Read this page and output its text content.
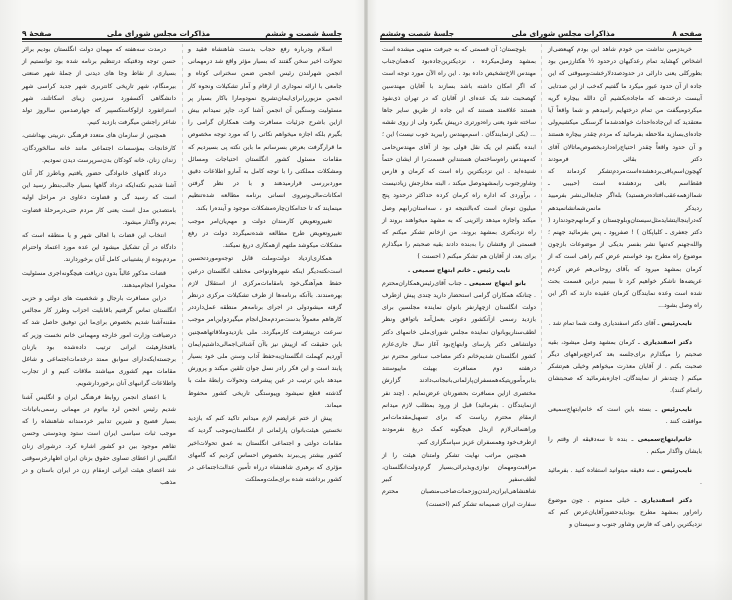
جلسهٔ شصت و ششم
مذاکرات مجلس شورای ملی
صفحهٔ ۹

اسلام ودرباره رفع حجاب بدست شاهنشاه فقید و تحولات اخیر سخن گفتند که بسیار مؤثر واقع شد درمهمانی انجمن شهرلندن رئیس انجمن ضمن سخنرانی کوتاه و جامعی با ارائه نموداری از ارقام و آمار تشکیلات ونحوه کار انجمن مزبوررابرای‌ایمان‌تشریح نمودومارا باکار بسیار پر مسئولیت وسنگین آن انجمن آشنا کرد، جاپز نمیدانم بیش ازاین باشرح جزئیات مسافرت وقت همکاران گرامی را بگیرم بلکه اجازه میخواهم نکاتی را که مورد توجه مخصوص ما قرارگرفت بعرض بسرسانم ما باین نکته پی بسیردیم که مقامات مسئول کشور انگلستان احتیاجات ومسائل ومشکلات مملکتی را با توجه کامل به آمارو اطلاعات دقیق موردبررسی قرارمیدهند و با در نظر گرفتن امکانات‌مالی‌ونیروی انسانی برنامه مطالعه شده‌تنظیم مینمایند که تا حدامکان‌چاره‌مشکلات موجود و آینده‌را بکند.

تغییروتعویض کارمندان دولت و مهم‌یان‌امر موجب تغییروتعویض طرح مطالعه شده‌نمیگردد دولت در رفع مشکلات میکوشد ملتهم ازهمکاری دریغ نمیکند.

همکاری‌ازدیاد دولت‌وملت قابل توجه‌وموردتحسین است‌نکته‌دیگر اینکه شهرها‌ونواحی مختلف انگلستان درعین حفظ هم‌آهنگی‌خود بامقامات‌مرکزی از استقلال لازم بهره‌مندند. باآنکه برنامه‌ها از طرف تشکیلات مرکزی درنظر گرفته میشودولی در اجرای برنامه‌هر منطقه عمل‌دارددر کارهاهم معمولاً بدست‌مردم‌محل‌انجام میگیرد‌واین‌امر موجب سرعت درپیشرفت کارمیگردد. ملی بازدیدوملاقاتهاهمچنین باین حقیقت که ازپیش نیز باآن آشنائی‌اجمالی‌داشتیم‌ایمان آوردیم کهملت انگلستان‌به‌حفظ آداب وسنن ملی خود بسیار پابند است و این فکر رادر نسل جوان تلقین میکند و پرورش میدهد باین ترتیب در عین پیشرفت وتحولات رابطهٔ ملت با گذشته قطع نمیشود وپیوستگی تاریخی کشور محفوظ میماند.

پیش از ختم عرایضم لازم میدانم تاکید کنم که بازدید نخستین هیئت‌بانوان پارلمانی از انگلستان‌موجب گردید که مقامات دولتی و اجتماعی انگلستان به عمق تحولات‌اخیر کشور بیشتر پی‌ببرند بخصوص احساس کردیم که گامهای مؤثری که برهبری شاهنشاه درراه تأمین عدالت‌اجتماعی در کشور برداشته شده برای‌ملت‌ومملکت

درمدت سه‌هفته که مهمان دولت انگلستان بودیم برائر حسن توجه ودقتیکه درتنظیم برنامه شده بود توانستیم از بسیاری از نقاط وجا های دیدنی از جملهٔ شهر صنعتی بیرمنگام، شهر تاریخی کانتربری شهر جدید کراسی شهر دانشگاهی آکسفورد سرزمین زیبای اسکاتلند، شهر استراتفورد ازلوکاستکسپیر که جهارصدمین سالروز تولد شاعر راجشن میگرفت بازدید کنیم.

همچنین از سازمان های متعدد فرهنگی ،تربیتی بهداشتی، کارخانجات بمؤسسات اجتماعی مانند خانه سالخوردگان، زندان زنان، خانه کودکان بدن‌سرپرست دیدن نمودیم.

درداد گاههای خانوادگی حضور یافتیم وباطرز کار آنان آشنا شدیم نکته‌ایکه درداد گاهها بسیار جالب‌بنظر رسید این است که رسید گی و قضاوت دعاوی در مراحل اولیه بامتصدین مدل است یعنی کار مردم حتی‌درمرحلهٔ قضاوت بمردم واگذار میشود.

انتخاب این قضات با اهالی شهر و یا منطقه است که دادگاه در آن تشکیل میشود این عده مورد اعتماد واحترام مردم‌بوده از پشتیبانی کامل آنان برخوردارند.

قضات مذکور غالباً بدون دریافت هیچگونه‌اجری مسئولیت محوله‌را انجام‌میدهند.

دراین مسافرت بارجال و شخصیت های دولتی و حزبی انگلستان تماس گرفتیم باقابلیت احزاب وطرز کار مجالس مقننه‌آشنا شدیم بخصوص برای‌ما این توفیق حاصل شد که درضیافت وزارت امور خارجه ومهمانی خانم نخست وزیر که بافتخارهیئت ایرانی ترتیب داده‌شده بود بازنان برجسته‌ایکه‌دارای سوابق ممتد درخدمات‌اجتماعی و شاغل مقامات مهم کشوری میباشند ملاقات کنیم و از تجارب واطلاعات گرانبهای آنان برخوردارشویم.

با اعضای انجمن روابط فرهنگی ایران و انگلیس آشنا شدیم رئیس انجمن لرد بیاتوم در مهمانی رسمی‌بانیانات بسیار فصیح و شیرین تدابیر خردمندانه شاهنشاه را که موجب ثبات سیاسی ایران است ستود وبدوستی وحسن تفاهم موجود بین دو کشور اشاره کرد. درشورای زنان انگلیس از اعطای تساوی حقوق بزنان ایران اظهارخرسوقتی شد اعضای هیئت ایرانی ازمقام زن در ایران باستان و در مذهب

صفحه ۸
مذاکرات مجلس شورای ملی
جلسهٔ شصت وششم

خریدزمین نداشت من خودم شاهد این بودم کهبعضی‌از اشخاص کهشاید تمام رعدکیهان درحدود ½ هکتارزمین بود بطورکلی یعنی دارائی در حدودصد‌دلار‌خشت‌ومیوقتی که این جاده از آن حدود عبور میکرد ما گفتیم که‌خب از این صدتایی آبیست درخت‌هه که ماجاده‌بکشیم آن دالله بیچاره گریه میکرد‌ومیگفت من تمام درختهایم رامیدهم و شما واقعاً آیا معتقدید که این‌جاده‌احداث خواهدشدما گرسنگی میکشیم‌ولی جاده‌ای‌بسازید ملاحظه بفرمائید که مردم چقدر بیچاره هستند و آن حدود واقعاً چقدر احتیاج‌راه‌دارد‌بخصوص‌ماتالان آقای دکتر بقائی فرمودند کهچون‌اسم‌باقی‌بردهشده‌است‌مردم‌تشکر کردماند که فقط‌اسم باقی بردهشده است (حبیبی ـ شمااز‌همه‌عقب‌افتاده‌تر‌هستید) بله‌اگر جنابعالی‌نشر بفرمیید ردیدکر مانمن‌شما‌نشانمیدهم که‌دراینجا‌ایتشاید‌مثل‌سیستان‌و‌بلوچستان و کرمانهم‌جودندارد ( دکتر جعفری ـ کلیاپکان ) ! صفرپود ـ پس بفرمائید جهنم ؛ والله‌جهنم که‌تنها نشر بفسر بدیکی از موضوعات بازچون موضوع راه مطرح بود خواستم عرض کنم راهی است که از کرمان بمشهد میرود که بآقای روحانی‌هم عرض کردم عریضه‌ها ناشکر خواهیم کرد تا ببینیم دراین قسمت بحث شده است وعده نمایندگان کرمان عقیده دارند که اگر این راه وصل بشود...

نایب‌رئیس ـ آقای دکتر اسفندیاری وقت شما تمام شد .

دکتر اسفندیاری ـ کرمان بمشهد وصل میشود، بقیه صحبتم را میگذارم برای‌جلسه بعد که‌راجع‌براههای دیگر صحبت بکنم . از آقایان معذرت میخواهم وخیلی هم‌تشکر میکنم ( چندنفر از نمایندگان‌ـ اجازه‌بفرمائید که صحبتشان راتمام کنند).

نایب‌رئیس ـ بسته باین است که خانم‌ابتهاج‌سمیعی موافقت کنند .

خانم‌ابتهاج‌سمیعی ـ بنده تا سه‌دقیقه از وقتم را بایشان واگذار میکنم .

نایب‌رئیس ـ سه دقیقه میتوانید استفاده کنید . بفرمائید .

دکتر اسفندیاری ـ خیلی ممنونم . چون موضوع راه‌راور بمشهد مطرح بودبایدحضورآقایان‌عرض کنم که نزدیکترین راهی که فارس وشاور جنوب و سیستان و

بلوچستان؛ آن قسمتی که به جیرفت منتهی میشده است بمشهد وصل‌میکرده ، نزدیکترین‌جاده‌بود که‌همان‌جناب مهندس الاخ‌تشخیص داده بود . این راه الآن مورد توجه است که اگر امکان داشته باشد بسازند با آقایان مهندسین کهصحبت شد یک عده‌ای از آقایان که در تهران ذی‌نفوذ هستند علاقمند هستند که این جاده از طریق سایر جاها ساخته شود یعنی راه‌دورتری درپیش بگیرد ولی از روی نقشه ... (یکی ازنمایندگان . اسم‌مهندس رابیرید خوب نیست) این ؛ ابنده بگفتم این یک نقل قولی بود از آقای مهندس‌حامی که‌مهندس راه‌وساختمان هستند‌این قسمت‌را از ایشان حتماً شنیده‌اید . این نزدیکترین راه است که کرمان و فارس وشاورجنوب رابمشهد‌وصل میکند ، البته مخارجش زیادنیست ، برآوردی که اداره راه کرمان کرده حداکثر درحدود پنج میلیون تومان است که‌بالنتیجه دو ، سه‌استان‌رابهم وصل میکند واجازه میدهد زائرینی که به مشهد میخواهند بروند از راه نزدیکتری بمشهد بروند، من ازخانم تشکر میکنم که قسمتی از وقتشان را به‌بنده دادند بقیه صحبتم را میگذارم برای بعد، از آقایان هم تشکر میکنم ( احسنت )

نایب رئیس ـ خانم ابتهاج سمیعی .

بانو ابتهاج سمیعی ـ جناب آقای‌رئیس‌همکاران‌محترم . چنانکه همکاران گرامی استحضار دارید چندی پیش ازطرف دولت انگلستان ازچهارنفر بانوان نماینده مجلسین برای بازدید رسمی ازآنکشور دعوتی بعمل‌آمد باتوافق ونظر لطف‌سناریوبانوان نماینده مجلس شورای‌ملی خانمهای دکتر دولتشاهی دکتر پارسای وابتهاج‌بود آغاز سال جاری‌عازم کشور انگلستان شدیم‌خانم دکتر مصاحب سناتور محترم نیز درهفته دوم مسافرت بهیئت ماپیوستند بنابرمأموریتیکه‌همسفران‌پارلمانی‌بانبجانب‌دادند گزارش مختصری ازاین مسافرت بحضورتان عرض‌نمایم . (چند نفر ازنمایندگان . بفرمائید) قبل از ورود بمطلب لازم میدانم ازمقام محترم ریاست که برای تسهیل‌مقدمات‌امر وراهنمائی‌لازم ازبذل هیچگونه کمک دریغ نفرمودند ازطرف‌خود وهمسفران عزیز سپاسگزاری کنم.

همچنین مراتب نهایت تشکر وامتنان هیئت را از مراقبت‌ومهمان نوازی‌ویذیرائی‌بسیار گرم‌دولت‌انگلستان، لطف‌سفیر کبیر شاهنشاهی‌ایران‌درلندن‌وزحمات‌صاحب‌منصبان محترم سفارت ایران صمیمانه تشکر کنم (احسنت)
